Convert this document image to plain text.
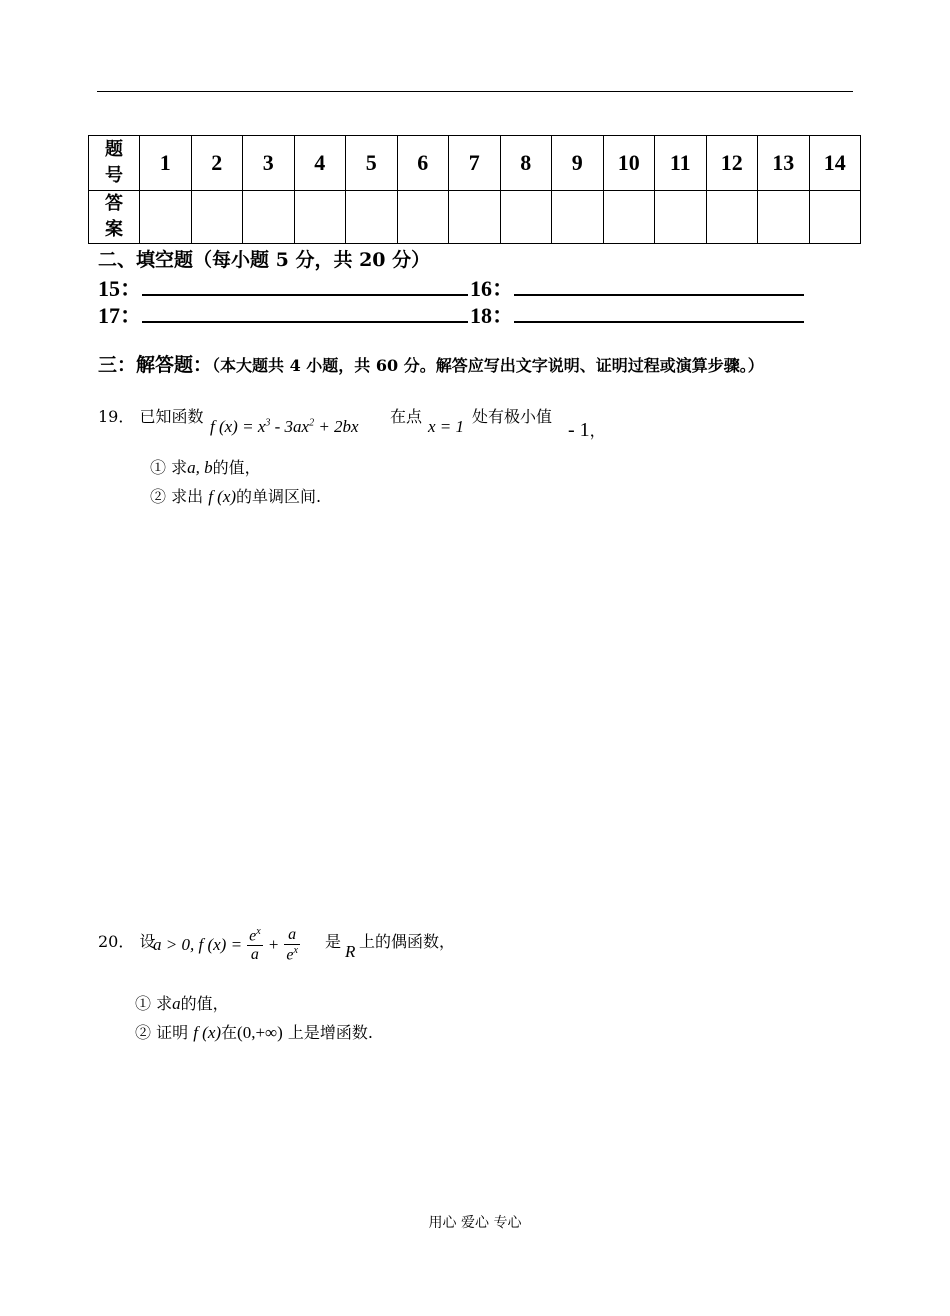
题
号	1	2	3	4	5	6	7	8	9	10	11	12	13	14

答
案														

二、填空题（每小题 5 分，共 20 分）
15：	16：
17：	18：
三：解答题：（本大题共 4 小题，共 60 分。解答应写出文字说明、证明过程或演算步骤。）
19． 已知函数
f $(x) = x^3 - 3ax^2 + 2bx$
在点
x = 1
处有极小值
- 1，
① 求a, b的值，
② 求出 f (x)的单调区间.
20． 设
a > 0, f $(x) = \frac{e^x}{a} + \frac{a}{e^x}$ 是
R
上的偶函数，
① 求a的值，
② 证明 f (x)在(0,+∞) 上是增函数.
用心 爱心 专心
